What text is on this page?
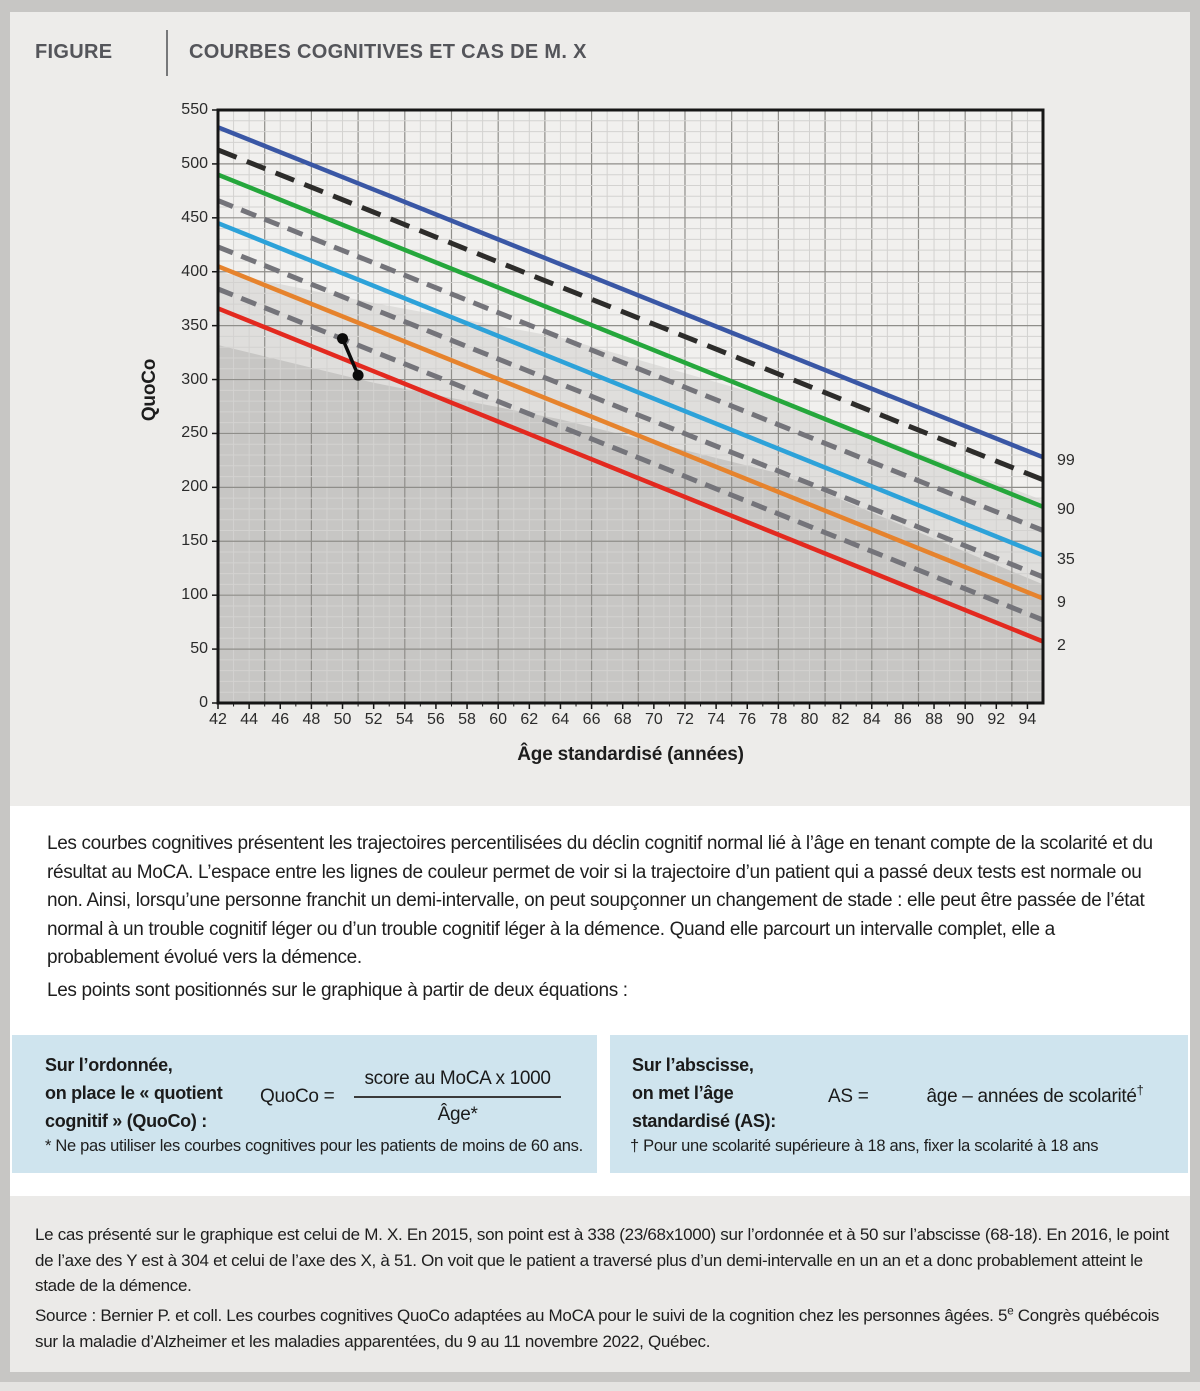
FIGURE	COURBES COGNITIVES ET CAS DE M. X
42 44 46 48 50 52 54 56 58 60 62 64 66 68 70 72 74 76 78 80 82 84 86 88 90 92 94
550
500
450
400
350
300
250
200
150
100
50
0
99
90
35
9
2
QuoCo
Âge standardisé (années)
Les courbes cognitives présentent les trajectoires percentilisées du déclin cognitif normal lié à l’âge en tenant compte de la scolarité et du résultat au MoCA. L’espace entre les lignes de couleur permet de voir si la trajectoire d’un patient qui a passé deux tests est normale ou non. Ainsi, lorsqu’une personne franchit un demi-intervalle, on peut soupçonner un changement de stade : elle peut être passée de l’état normal à un trouble cognitif léger ou d’un trouble cognitif léger à la démence. Quand elle parcourt un intervalle complet, elle a probablement évolué vers la démence.
Les points sont positionnés sur le graphique à partir de deux équations :
Sur l’ordonnée,
on place le « quotient
cognitif » (QuoCo) :
QuoCo = $\frac{\text{score au MoCA x 1000}}{\text{Âge*}}$
* Ne pas utiliser les courbes cognitives pour les patients de moins de 60 ans.
Sur l’abscisse,
on met l’âge
standardisé (AS):
AS =	âge – années de scolarité†
† Pour une scolarité supérieure à 18 ans, fixer la scolarité à 18 ans
Le cas présenté sur le graphique est celui de M. X. En 2015, son point est à 338 (23/68x1000) sur l’ordonnée et à 50 sur l’abscisse (68-18). En 2016, le point de l’axe des Y est à 304 et celui de l’axe des X, à 51. On voit que le patient a traversé plus d’un demi-intervalle en un an et a donc probablement atteint le stade de la démence.
Source : Bernier P. et coll. Les courbes cognitives QuoCo adaptées au MoCA pour le suivi de la cognition chez les personnes âgées. 5e Congrès québécois sur la maladie d’Alzheimer et les maladies apparentées, du 9 au 11 novembre 2022, Québec.
